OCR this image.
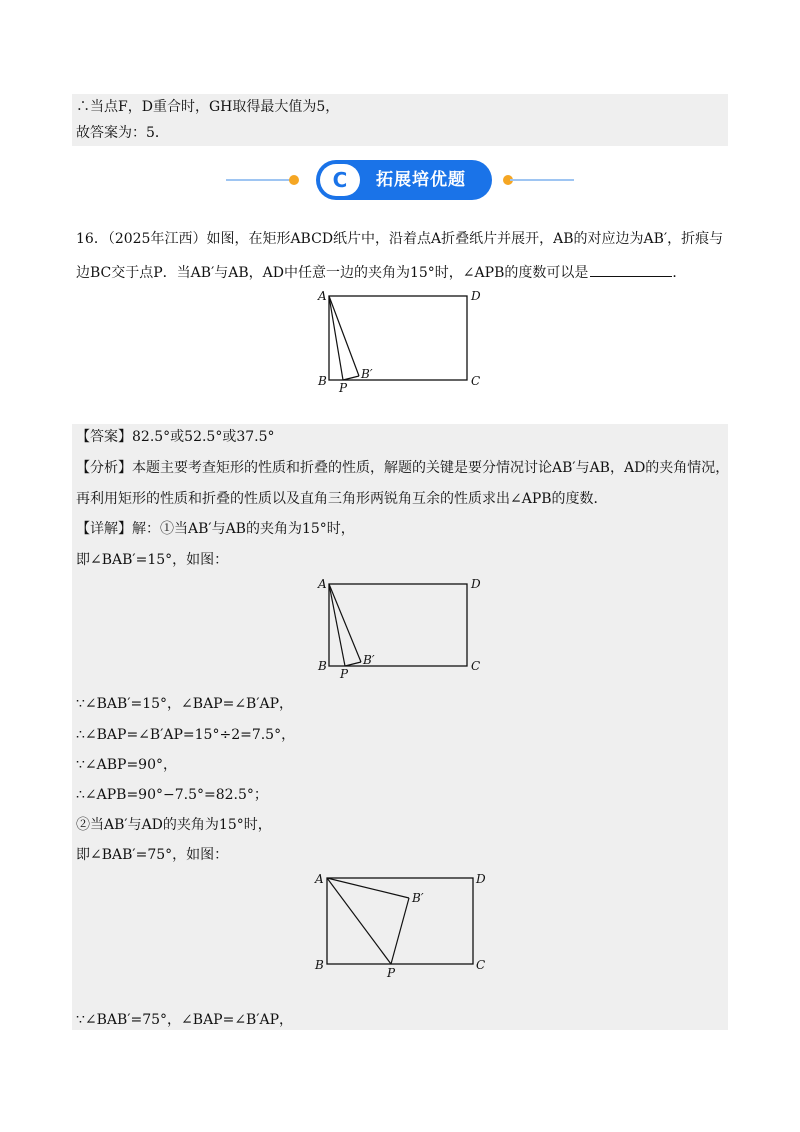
∴当点F，D重合时，GH取得最大值为5，
故答案为：5．
C	拓展培优题
16．（2025年江西）如图，在矩形ABCD纸片中，沿着点A折叠纸片并展开，AB的对应边为AB′，折痕与
边BC交于点P．当AB′与AB，AD中任意一边的夹角为15°时，∠APB的度数可以是	．
A	D
B	C
P
B′
【答案】82.5°或52.5°或37.5°
【分析】本题主要考查矩形的性质和折叠的性质，解题的关键是要分情况讨论AB′与AB，AD的夹角情况，
再利用矩形的性质和折叠的性质以及直角三角形两锐角互余的性质求出∠APB的度数．
【详解】解：①当AB′与AB的夹角为15°时，
即∠BAB′=15°，如图：
A	D
B	C
P
B′
∵∠BAB′=15°，∠BAP=∠B′AP，
∴∠BAP=∠B′AP=15°÷2=7.5°，
∵∠ABP=90°，
∴∠APB=90°−7.5°=82.5°；
②当AB′与AD的夹角为15°时，
即∠BAB′=75°，如图：
A	D
B	C
P
B′
∵∠BAB′=75°，∠BAP=∠B′AP，
